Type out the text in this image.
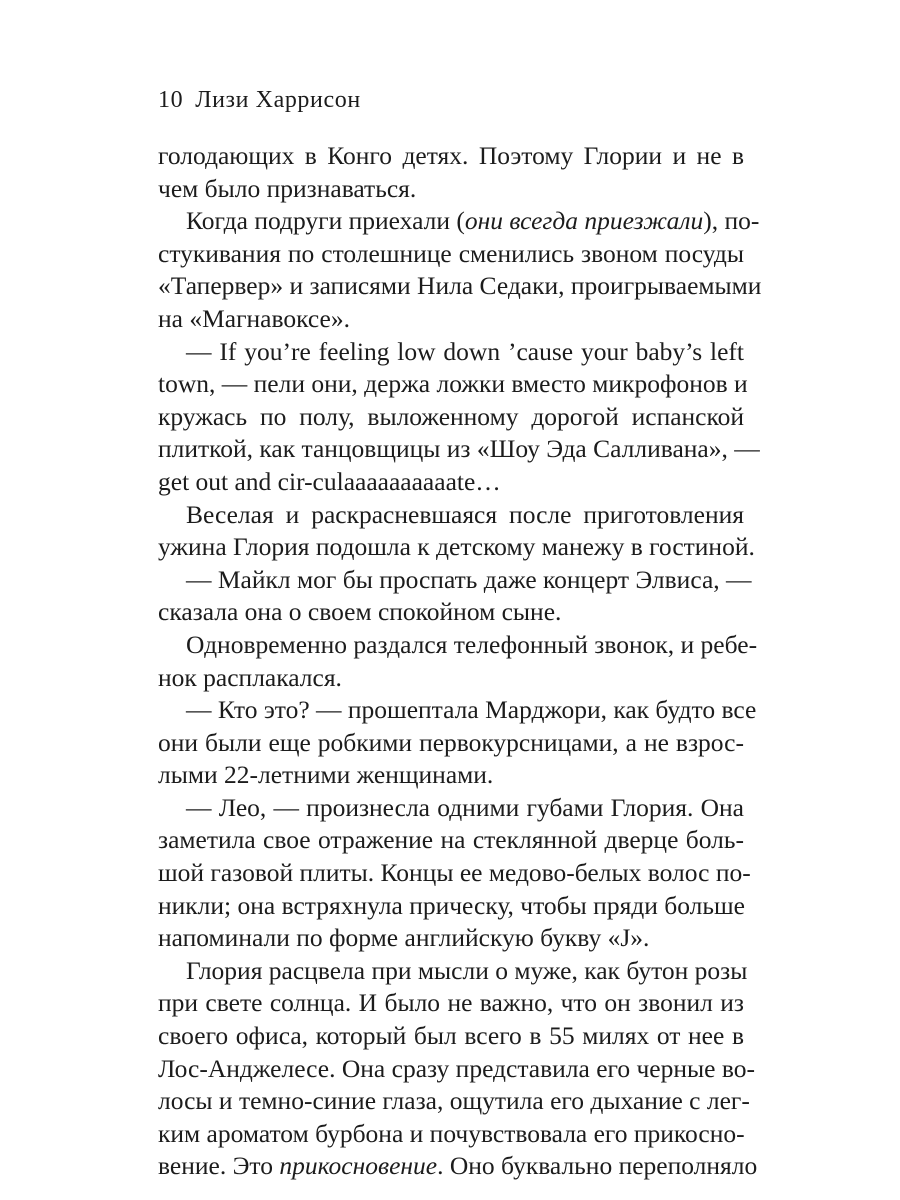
10 Лизи Харрисон
голодающих в Конго детях. Поэтому Глории и не в
чем было признаваться.
Когда подруги приехали (они всегда приезжали), по-
стукивания по столешнице сменились звоном посуды
«Тапервер» и записями Нила Седаки, проигрываемыми
на «Магнавоксе».
— If you’re feeling low down ’cause your baby’s left
town, — пели они, держа ложки вместо микрофонов и
кружась по полу, выложенному дорогой испанской
плиткой, как танцовщицы из «Шоу Эда Салливана», —
get out and cir-culaaaaaaaaaate…
Веселая и раскрасневшаяся после приготовления
ужина Глория подошла к детскому манежу в гостиной.
— Майкл мог бы проспать даже концерт Элвиса, —
сказала она о своем спокойном сыне.
Одновременно раздался телефонный звонок, и ребе-
нок расплакался.
— Кто это? — прошептала Марджори, как будто все
они были еще робкими первокурсницами, а не взрос-
лыми 22-летними женщинами.
— Лео, — произнесла одними губами Глория. Она
заметила свое отражение на стеклянной дверце боль-
шой газовой плиты. Концы ее медово-белых волос по-
никли; она встряхнула прическу, чтобы пряди больше
напоминали по форме английскую букву «J».
Глория расцвела при мысли о муже, как бутон розы
при свете солнца. И было не важно, что он звонил из
своего офиса, который был всего в 55 милях от нее в
Лос-Анджелесе. Она сразу представила его черные во-
лосы и темно-синие глаза, ощутила его дыхание с лег-
ким ароматом бурбона и почувствовала его прикосно-
вение. Это прикосновение. Оно буквально переполняло
